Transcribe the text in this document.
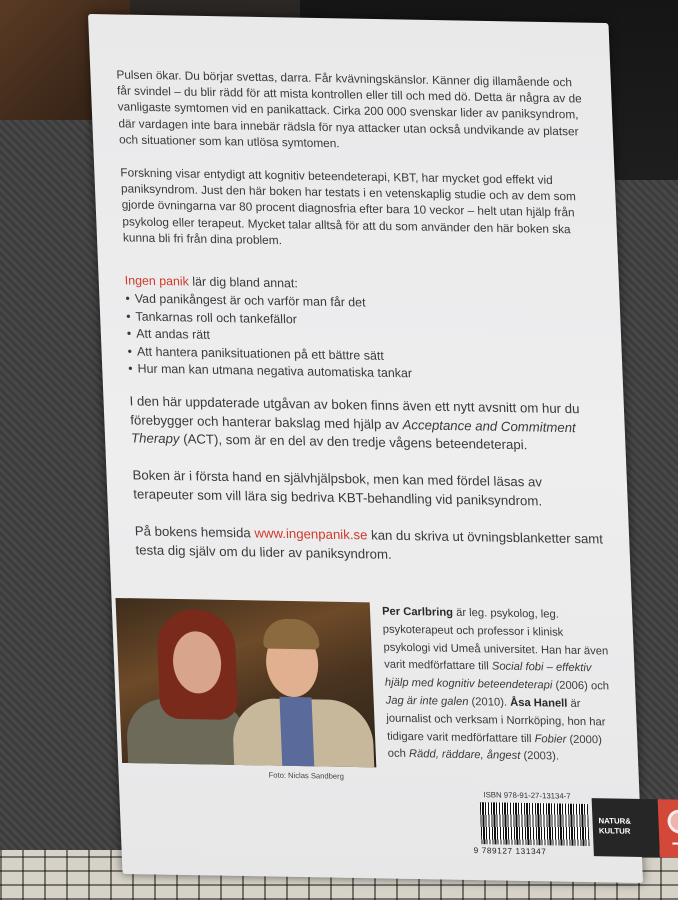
Pulsen ökar. Du börjar svettas, darra. Får kvävningskänslor. Känner dig illamående och får svindel – du blir rädd för att mista kontrollen eller till och med dö. Detta är några av de vanligaste symtomen vid en panikattack. Cirka 200 000 svenskar lider av paniksyndrom, där vardagen inte bara innebär rädsla för nya attacker utan också undvikande av platser och situationer som kan utlösa symtomen.

Forskning visar entydigt att kognitiv beteendeterapi, KBT, har mycket god effekt vid paniksyndrom. Just den här boken har testats i en vetenskaplig studie och av dem som gjorde övningarna var 80 procent diagnosfria efter bara 10 veckor – helt utan hjälp från psykolog eller terapeut. Mycket talar alltså för att du som använder den här boken ska kunna bli fri från dina problem.

Ingen panik lär dig bland annat:

• Vad panikångest är och varför man får det
• Tankarnas roll och tankefällor
• Att andas rätt
• Att hantera paniksituationen på ett bättre sätt
• Hur man kan utmana negativa automatiska tankar

I den här uppdaterade utgåvan av boken finns även ett nytt avsnitt om hur du förebygger och hanterar bakslag med hjälp av Acceptance and Commitment Therapy (ACT), som är en del av den tredje vågens beteendeterapi.

Boken är i första hand en självhjälpsbok, men kan med fördel läsas av terapeuter som vill lära sig bedriva KBT-behandling vid paniksyndrom.

På bokens hemsida www.ingenpanik.se kan du skriva ut övningsblanketter samt testa dig själv om du lider av paniksyndrom.

Foto: Niclas Sandberg

Per Carlbring är leg. psykolog, leg. psykoterapeut och professor i klinisk psykologi vid Umeå universitet. Han har även varit medförfattare till Social fobi – effektiv hjälp med kognitiv beteendeterapi (2006) och Jag är inte galen (2010). Åsa Hanell är journalist och verksam i Norrköping, hon har tidigare varit medförfattare till Fobier (2000) och Rädd, räddare, ångest (2003).

ISBN 978-91-27-13134-7
9 789127 131347
NATUR&
KULTUR
